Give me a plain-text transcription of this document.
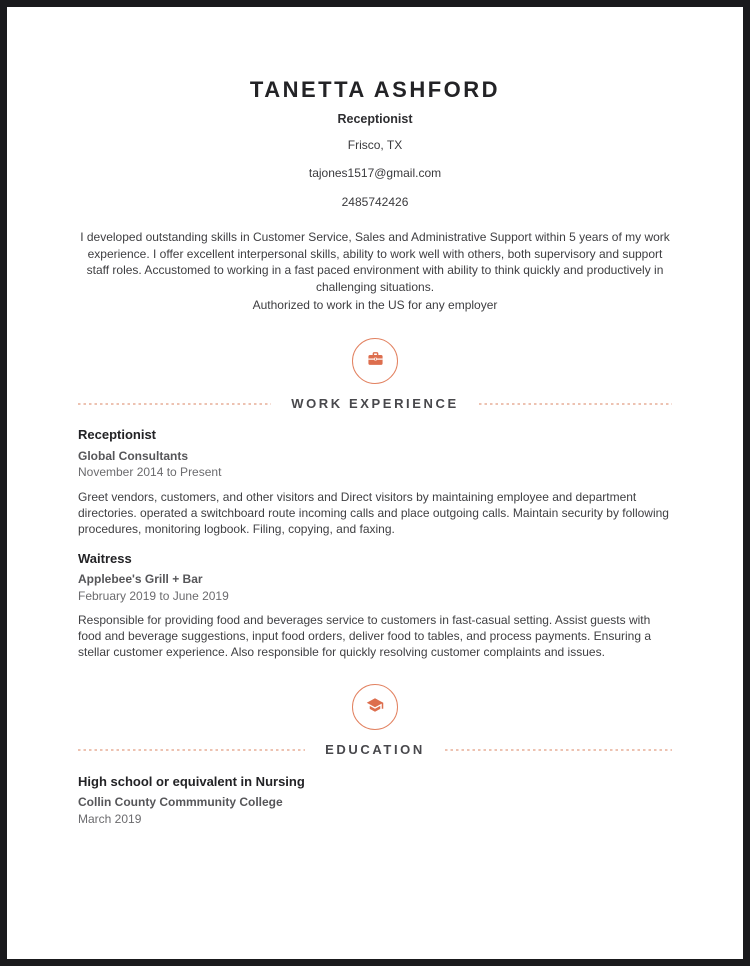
TANETTA ASHFORD
Receptionist
Frisco, TX
tajones1517@gmail.com
2485742426

I developed outstanding skills in Customer Service, Sales and Administrative Support within 5 years of my work experience. I offer excellent interpersonal skills, ability to work well with others, both supervisory and support staff roles. Accustomed to working in a fast paced environment with ability to think quickly and productively in challenging situations.

Authorized to work in the US for any employer

WORK EXPERIENCE
Receptionist
Global Consultants
November 2014 to Present

Greet vendors, customers, and other visitors and Direct visitors by maintaining employee and department directories. operated a switchboard route incoming calls and place outgoing calls. Maintain security by following procedures, monitoring logbook. Filing, copying, and faxing.

Waitress
Applebee's Grill + Bar
February 2019 to June 2019

Responsible for providing food and beverages service to customers in fast-casual setting. Assist guests with food and beverage suggestions, input food orders, deliver food to tables, and process payments. Ensuring a stellar customer experience. Also responsible for quickly resolving customer complaints and issues.

EDUCATION
High school or equivalent in Nursing
Collin County Commmunity College
March 2019
